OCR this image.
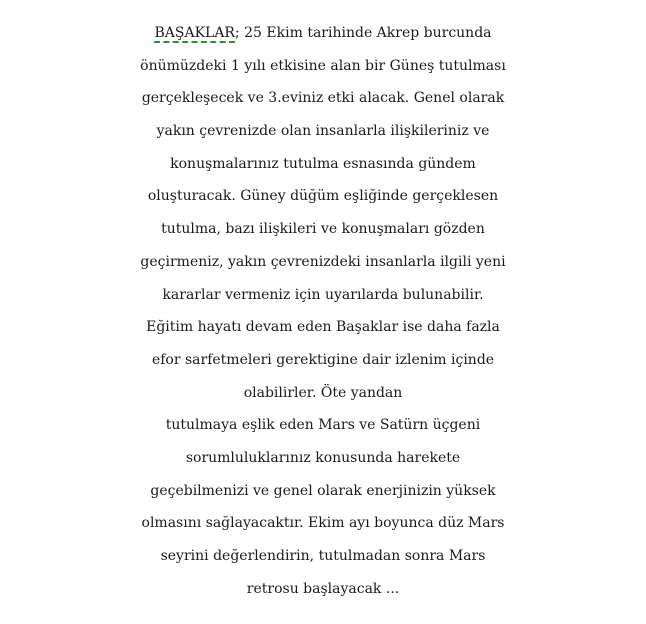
BAŞAKLAR; 25 Ekim tarihinde Akrep burcunda
önümüzdeki 1 yılı etkisine alan bir Güneş tutulması
gerçekleşecek ve 3.eviniz etki alacak. Genel olarak
yakın çevrenizde olan insanlarla ilişkileriniz ve
konuşmalarınız tutulma esnasında gündem
oluşturacak. Güney düğüm eşliğinde gerçeklesen
tutulma, bazı ilişkileri ve konuşmaları gözden
geçirmeniz, yakın çevrenizdeki insanlarla ilgili yeni
kararlar vermeniz için uyarılarda bulunabilir.
Eğitim hayatı devam eden Başaklar ise daha fazla
efor sarfetmeleri gerektigine dair izlenim içinde
olabilirler. Öte yandan
tutulmaya eşlik eden Mars ve Satürn üçgeni
sorumluluklarınız konusunda harekete
geçebilmenizi ve genel olarak enerjinizin yüksek
olmasını sağlayacaktır. Ekim ayı boyunca düz Mars
seyrini değerlendirin, tutulmadan sonra Mars
retrosu başlayacak ...
